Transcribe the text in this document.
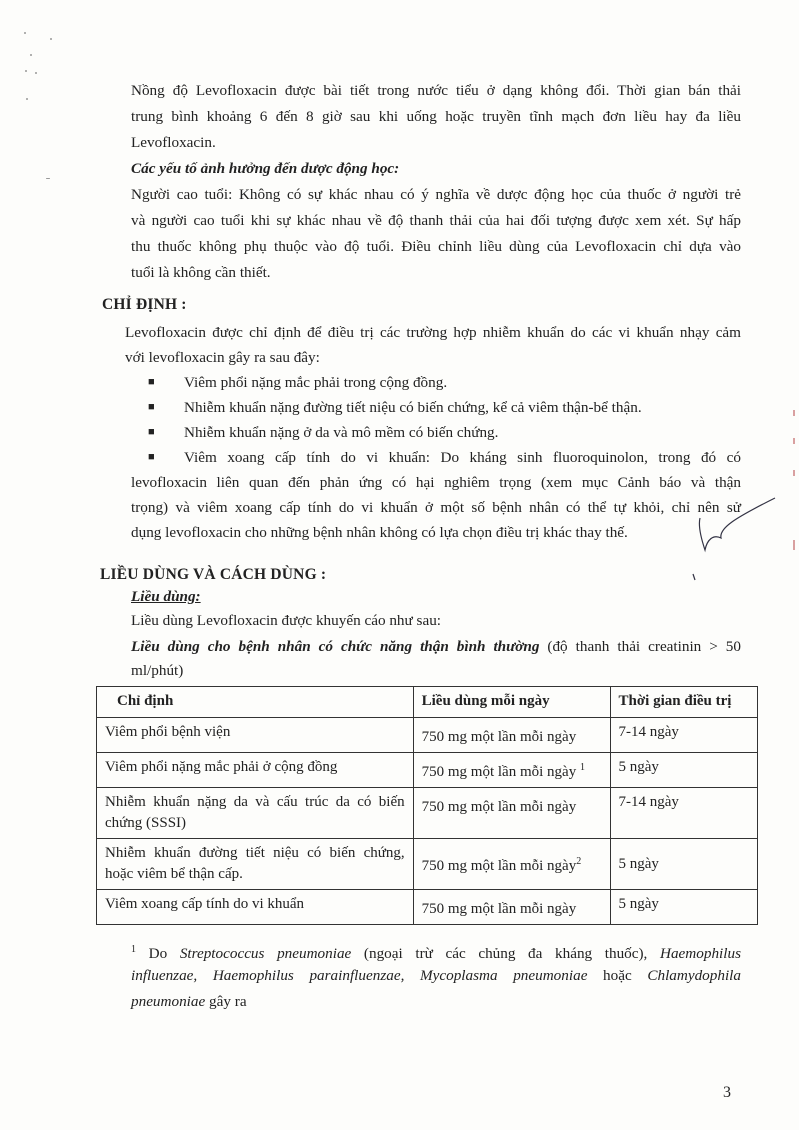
Nồng độ Levofloxacin được bài tiết trong nước tiểu ở dạng không đổi. Thời gian bán thải
trung bình khoảng 6 đến 8 giờ sau khi uống hoặc truyền tĩnh mạch đơn liều hay đa liều
Levofloxacin.
Các yếu tố ảnh hưởng đến dược động học:
Người cao tuổi: Không có sự khác nhau có ý nghĩa về dược động học của thuốc ở người trẻ
và người cao tuổi khi sự khác nhau về độ thanh thải của hai đối tượng được xem xét. Sự hấp
thu thuốc không phụ thuộc vào độ tuổi. Điều chỉnh liều dùng của Levofloxacin chỉ dựa vào
tuổi là không cần thiết.
CHỈ ĐỊNH :
Levofloxacin được chỉ định để điều trị các trường hợp nhiễm khuẩn do các vi khuẩn nhạy cảm
với levofloxacin gây ra sau đây:
■ Viêm phổi nặng mắc phải trong cộng đồng.
■ Nhiễm khuẩn nặng đường tiết niệu có biến chứng, kể cả viêm thận-bể thận.
■ Nhiễm khuẩn nặng ở da và mô mềm có biến chứng.
■ Viêm xoang cấp tính do vi khuẩn: Do kháng sinh fluoroquinolon, trong đó có
levofloxacin liên quan đến phản ứng có hại nghiêm trọng (xem mục Cảnh báo và thận
trọng) và viêm xoang cấp tính do vi khuẩn ở một số bệnh nhân có thể tự khỏi, chỉ nên sử
dụng levofloxacin cho những bệnh nhân không có lựa chọn điều trị khác thay thế.
LIỀU DÙNG VÀ CÁCH DÙNG :
Liều dùng:
Liều dùng Levofloxacin được khuyến cáo như sau:
Liều dùng cho bệnh nhân có chức năng thận bình thường (độ thanh thải creatinin > 50
ml/phút)
Chỉ định	Liều dùng mỗi ngày	Thời gian điều trị
Viêm phổi bệnh viện	750 mg một lần mỗi ngày	7-14 ngày
Viêm phổi nặng mắc phải ở cộng đồng	750 mg một lần mỗi ngày $^1$	5 ngày
Nhiễm khuẩn nặng da và cấu trúc da có biến chứng (SSSI)	750 mg một lần mỗi ngày	7-14 ngày
Nhiễm khuẩn đường tiết niệu có biến chứng, hoặc viêm bể thận cấp.	750 mg một lần mỗi ngày$^2$	5 ngày
Viêm xoang cấp tính do vi khuẩn	750 mg một lần mỗi ngày	5 ngày
$^1$ Do Streptococcus pneumoniae (ngoại trừ các chủng đa kháng thuốc), Haemophilus
influenzae, Haemophilus parainfluenzae, Mycoplasma pneumoniae hoặc Chlamydophila
pneumoniae gây ra
3
